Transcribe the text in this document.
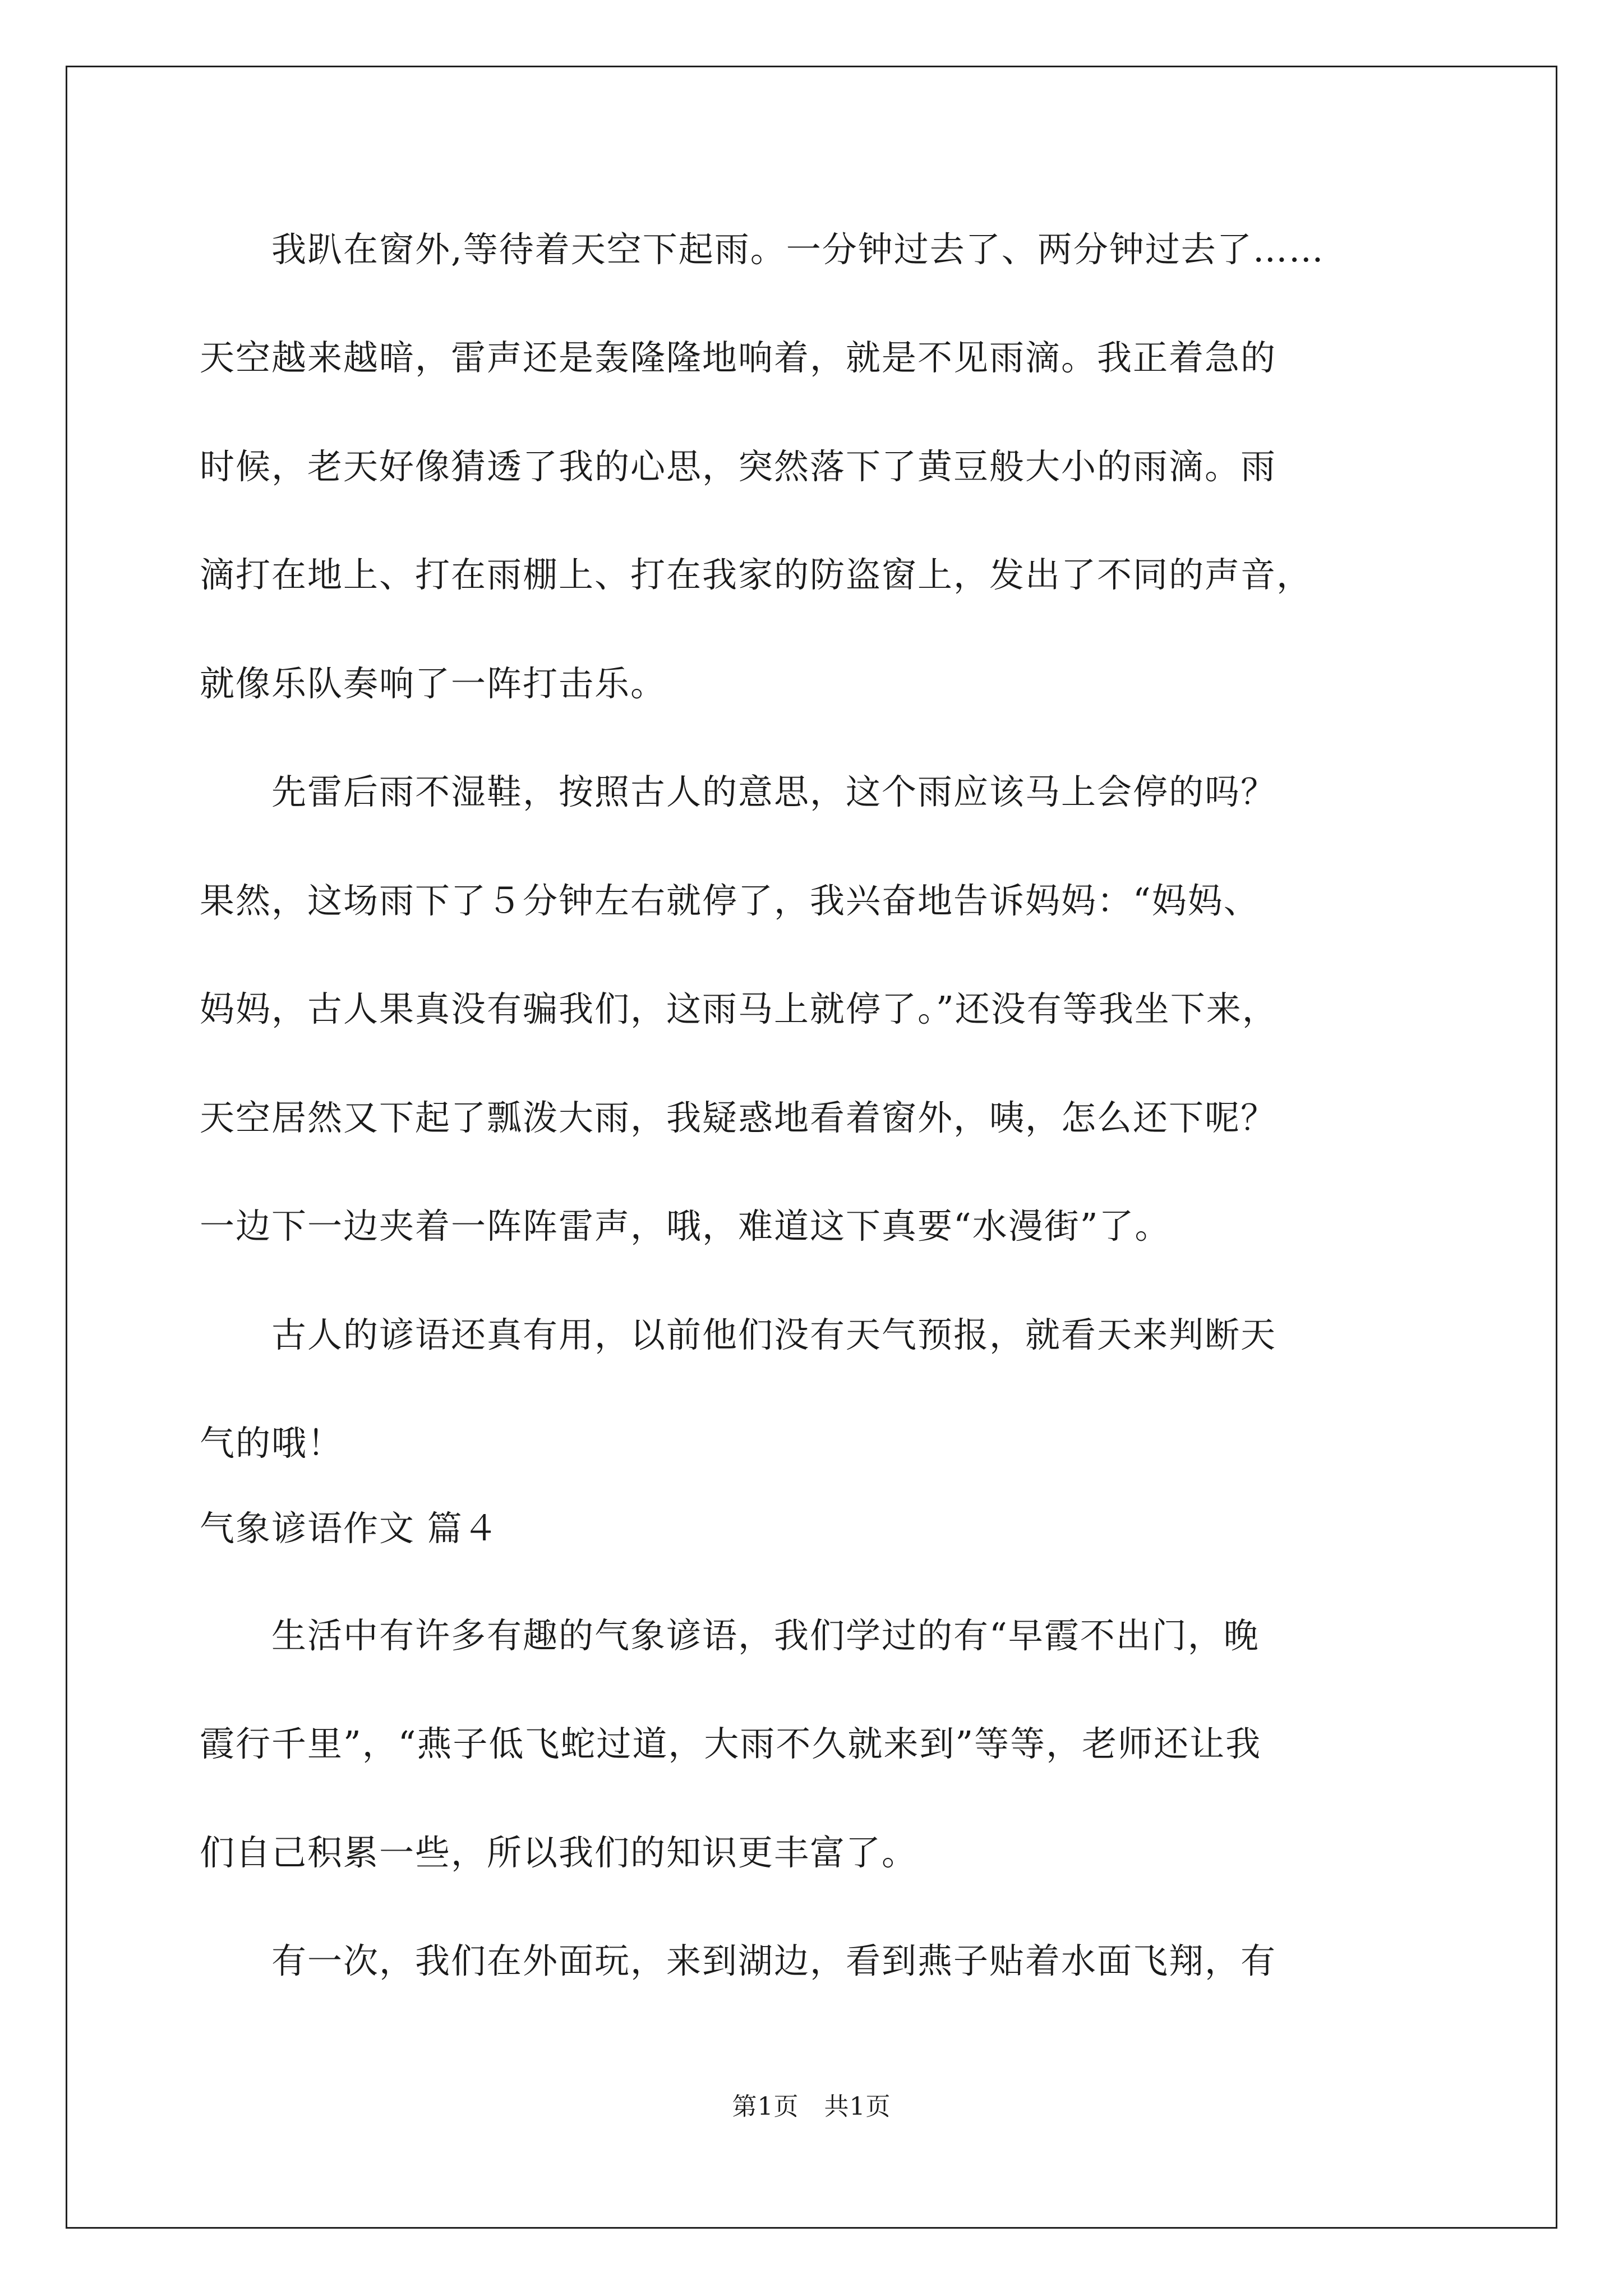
　　我趴在窗外,等待着天空下起雨。一分钟过去了、两分钟过去了……
天空越来越暗，雷声还是轰隆隆地响着，就是不见雨滴。我正着急的
时候，老天好像猜透了我的心思，突然落下了黄豆般大小的雨滴。雨
滴打在地上、打在雨棚上、打在我家的防盗窗上，发出了不同的声音，
就像乐队奏响了一阵打击乐。
　　先雷后雨不湿鞋，按照古人的意思，这个雨应该马上会停的吗？
果然，这场雨下了５分钟左右就停了，我兴奋地告诉妈妈：“妈妈、
妈妈，古人果真没有骗我们，这雨马上就停了。”还没有等我坐下来，
天空居然又下起了瓢泼大雨，我疑惑地看着窗外，咦，怎么还下呢？
一边下一边夹着一阵阵雷声，哦，难道这下真要“水漫街”了。
　　古人的谚语还真有用，以前他们没有天气预报，就看天来判断天
气的哦！
气象谚语作文 篇４
　　生活中有许多有趣的气象谚语，我们学过的有“早霞不出门，晚
霞行千里”，“燕子低飞蛇过道，大雨不久就来到”等等，老师还让我
们自己积累一些，所以我们的知识更丰富了。
　　有一次，我们在外面玩，来到湖边，看到燕子贴着水面飞翔，有
第1页　共1页
